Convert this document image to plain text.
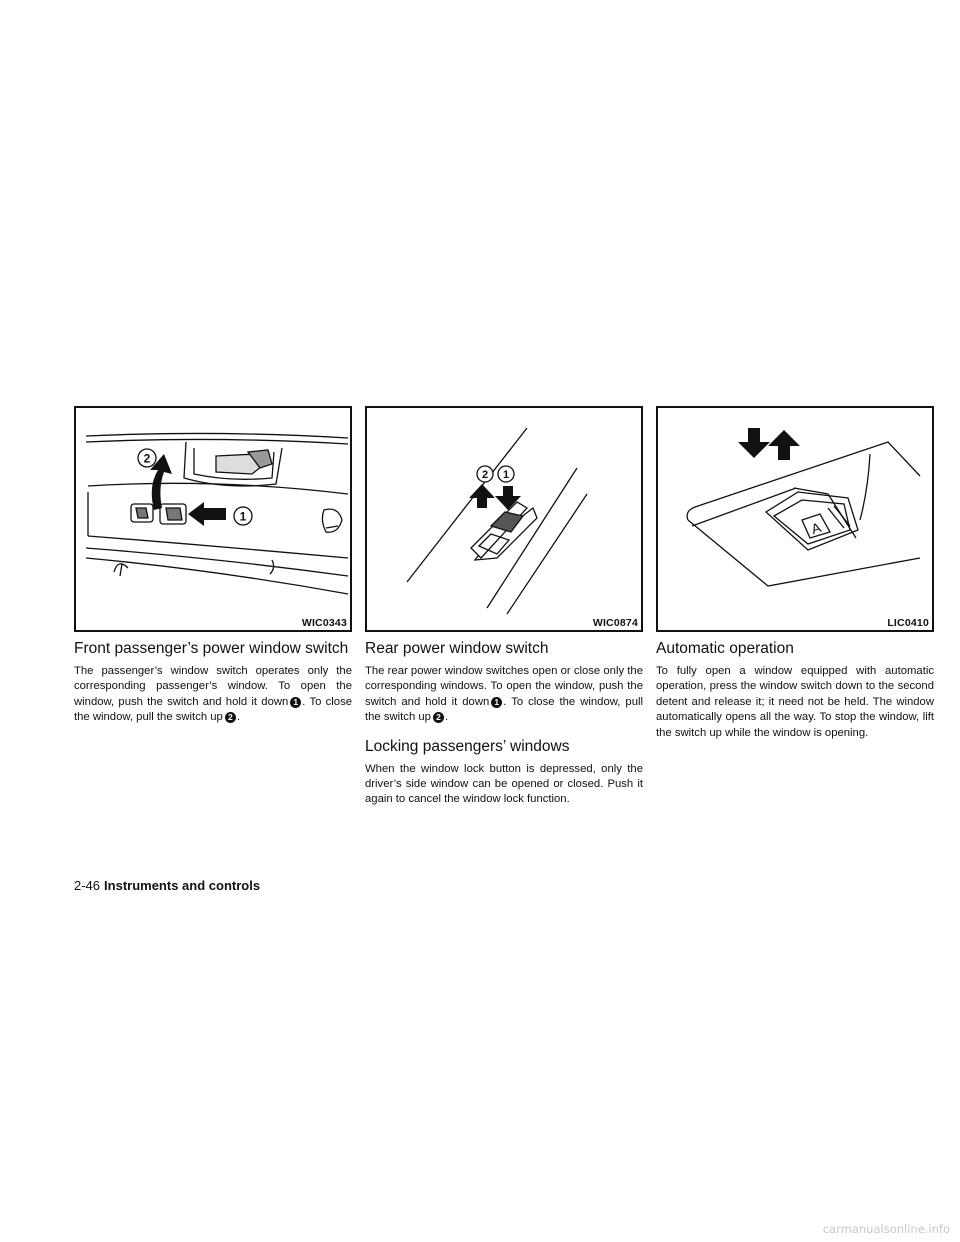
2
1
WIC0343
Front passenger’s power window switch

The passenger’s window switch operates only the corresponding passenger’s window. To open the window, push the switch and hold it down 1 . To close the window, pull the switch up 2 .

2 1
WIC0874
Rear power window switch

The rear power window switches open or close only the corresponding windows. To open the window, push the switch and hold it down 1 . To close the window, pull the switch up 2 .

Locking passengers’ windows

When the window lock button is depressed, only the driver’s side window can be opened or closed. Push it again to cancel the window lock function.

A
LIC0410
Automatic operation

To fully open a window equipped with automatic operation, press the window switch down to the second detent and release it; it need not be held. The window automatically opens all the way. To stop the window, lift the switch up while the window is opening.

2-46 Instruments and controls
carmanualsonline.info
